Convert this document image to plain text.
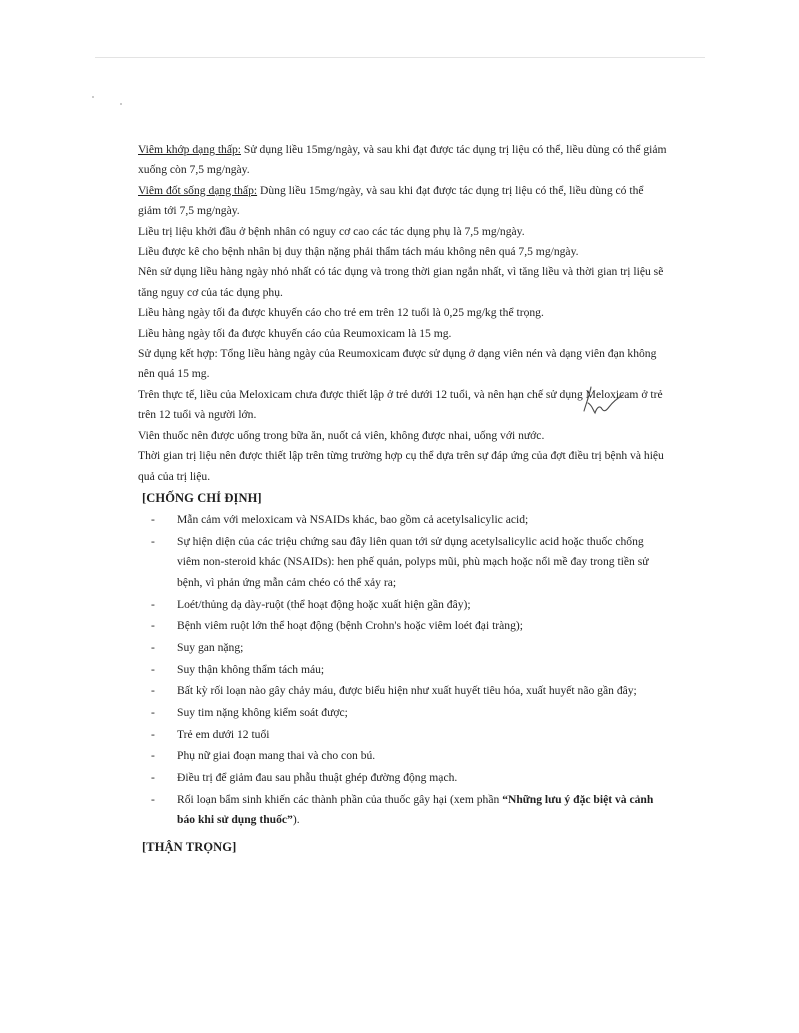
Viêm khớp dạng thấp: Sử dụng liều 15mg/ngày, và sau khi đạt được tác dụng trị liệu có thể, liều dùng có thể giảm xuống còn 7,5 mg/ngày.

Viêm đốt sống dạng thấp: Dùng liều 15mg/ngày, và sau khi đạt được tác dụng trị liệu có thể, liều dùng có thể giảm tới 7,5 mg/ngày.

Liều trị liệu khởi đầu ở bệnh nhân có nguy cơ cao các tác dụng phụ là 7,5 mg/ngày.

Liều được kê cho bệnh nhân bị duy thận nặng phải thẩm tách máu không nên quá 7,5 mg/ngày.

Nên sử dụng liều hàng ngày nhỏ nhất có tác dụng và trong thời gian ngắn nhất, vì tăng liều và thời gian trị liệu sẽ tăng nguy cơ của tác dụng phụ.

Liều hàng ngày tối đa được khuyến cáo cho trẻ em trên 12 tuổi là 0,25 mg/kg thể trọng.

Liều hàng ngày tối đa được khuyến cáo của Reumoxicam là 15 mg.

Sử dụng kết hợp: Tổng liều hàng ngày của Reumoxicam được sử dụng ở dạng viên nén và dạng viên đạn không nên quá 15 mg.

Trên thực tế, liều của Meloxicam chưa được thiết lập ở trẻ dưới 12 tuổi, và nên hạn chế sử dụng Meloxicam ở trẻ trên 12 tuổi và người lớn.

Viên thuốc nên được uống trong bữa ăn, nuốt cả viên, không được nhai, uống với nước.

Thời gian trị liệu nên được thiết lập trên từng trường hợp cụ thể dựa trên sự đáp ứng của đợt điều trị bệnh và hiệu quả của trị liệu.

[CHỐNG CHỈ ĐỊNH]
- Mẫn cảm với meloxicam và NSAIDs khác, bao gồm cả acetylsalicylic acid;
- Sự hiện diện của các triệu chứng sau đây liên quan tới sử dụng acetylsalicylic acid hoặc thuốc chống viêm non-steroid khác (NSAIDs): hen phế quản, polyps mũi, phù mạch hoặc nổi mề đay trong tiền sử bệnh, vì phản ứng mẫn cảm chéo có thể xảy ra;
- Loét/thủng dạ dày-ruột (thể hoạt động hoặc xuất hiện gần đây);
- Bệnh viêm ruột lớn thể hoạt động (bệnh Crohn's hoặc viêm loét đại tràng);
- Suy gan nặng;
- Suy thận không thẩm tách máu;
- Bất kỳ rối loạn nào gây chảy máu, được biểu hiện như xuất huyết tiêu hóa, xuất huyết não gần đây;
- Suy tim nặng không kiểm soát được;
- Trẻ em dưới 12 tuổi
- Phụ nữ giai đoạn mang thai và cho con bú.
- Điều trị để giảm đau sau phẫu thuật ghép đường động mạch.
- Rối loạn bẩm sinh khiến các thành phần của thuốc gây hại (xem phần “Những lưu ý đặc biệt và cảnh báo khi sử dụng thuốc”).
[THẬN TRỌNG]
